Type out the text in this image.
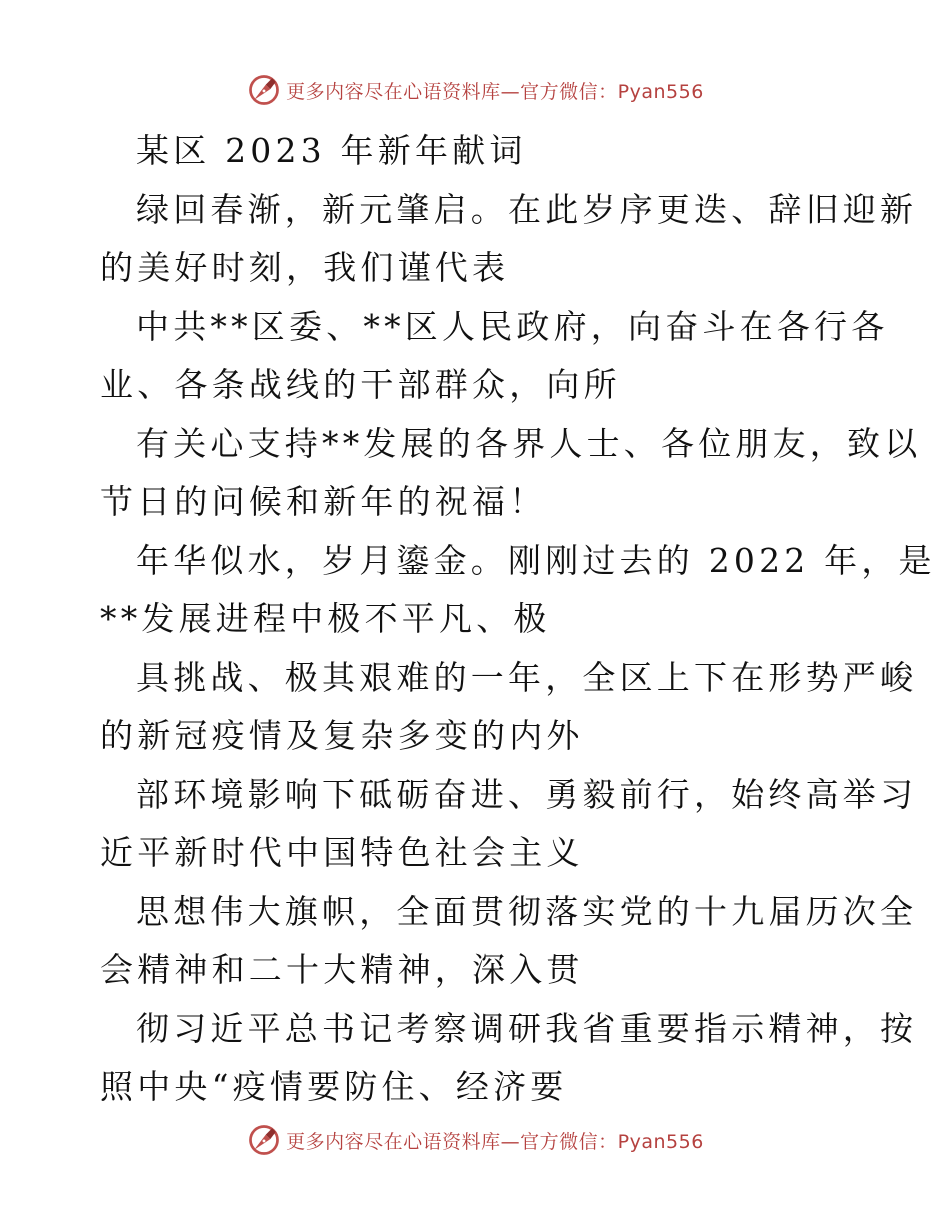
更多内容尽在心语资料库—官方微信：Pyan556
某区 2023 年新年献词
绿回春渐，新元肇启。在此岁序更迭、辞旧迎新
的美好时刻，我们谨代表
中共**区委、**区人民政府，向奋斗在各行各
业、各条战线的干部群众，向所
有关心支持**发展的各界人士、各位朋友，致以
节日的问候和新年的祝福！
年华似水，岁月鎏金。刚刚过去的 2022 年，是
**发展进程中极不平凡、极
具挑战、极其艰难的一年，全区上下在形势严峻
的新冠疫情及复杂多变的内外
部环境影响下砥砺奋进、勇毅前行，始终高举习
近平新时代中国特色社会主义
思想伟大旗帜，全面贯彻落实党的十九届历次全
会精神和二十大精神，深入贯
彻习近平总书记考察调研我省重要指示精神，按
照中央“疫情要防住、经济要
更多内容尽在心语资料库—官方微信：Pyan556
